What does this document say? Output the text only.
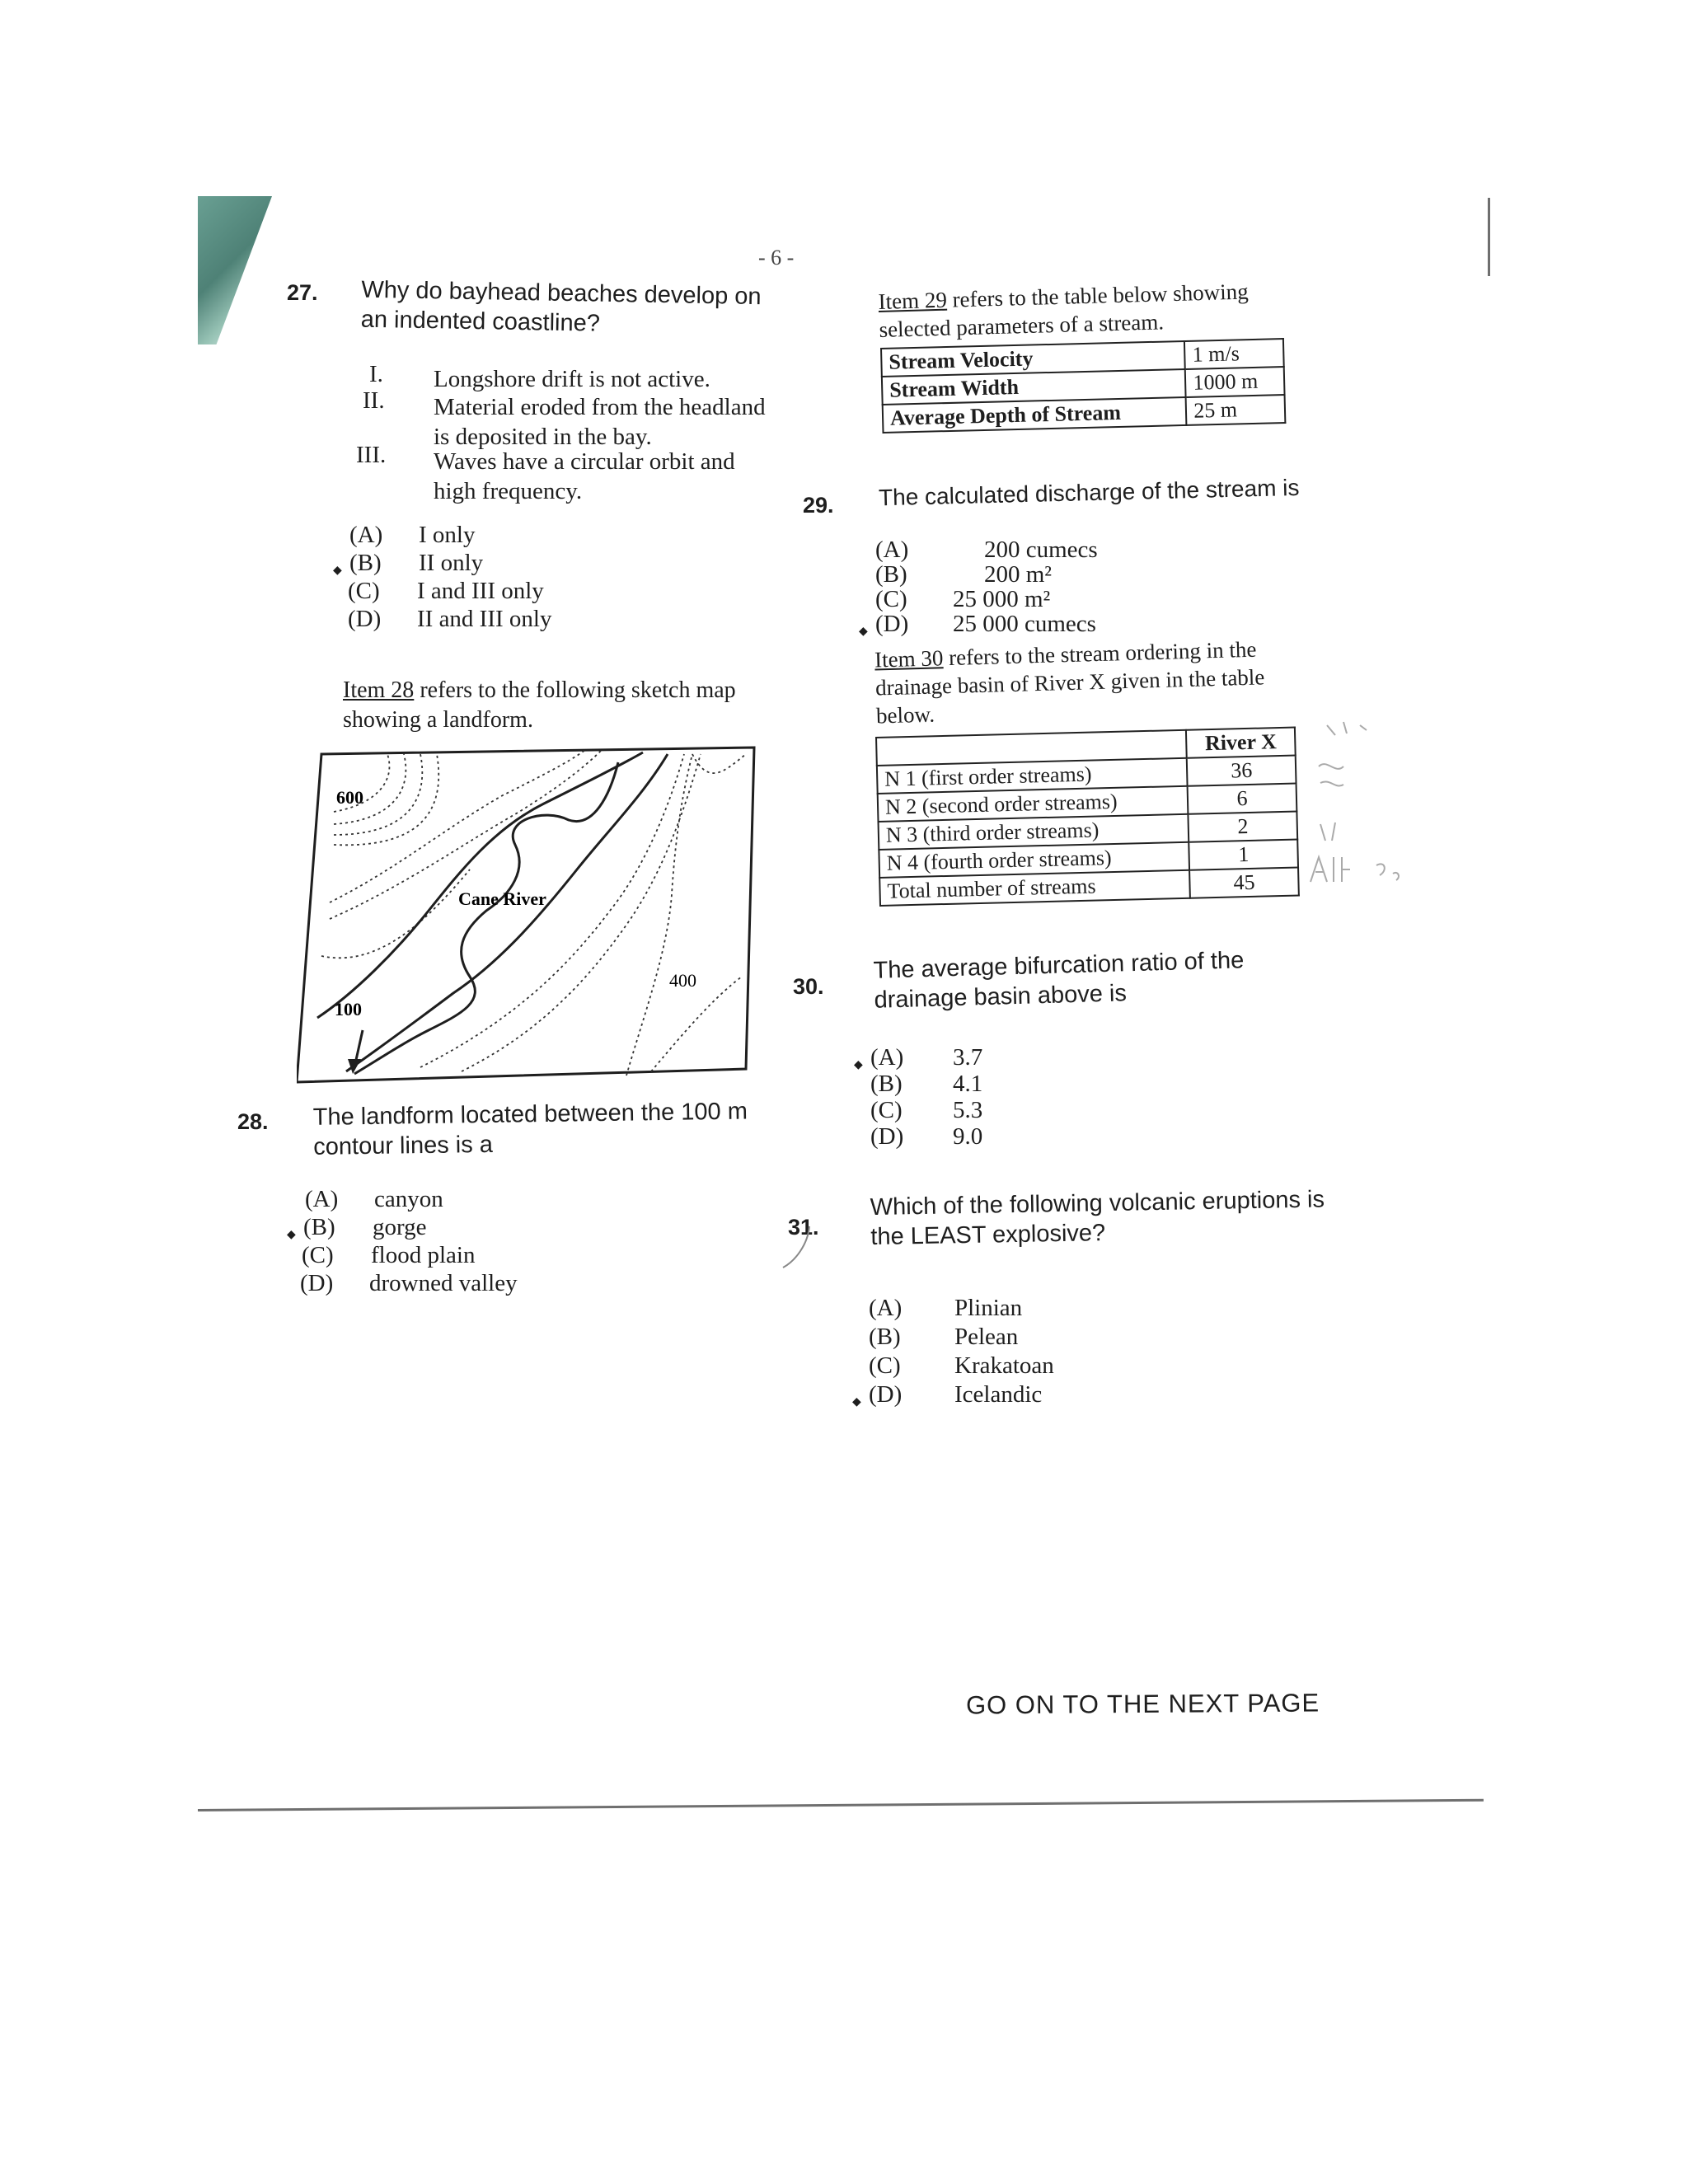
- 6 -
27. Why do bayhead beaches develop on an indented coastline?
I. Longshore drift is not active.
II. Material eroded from the headland is deposited in the bay.
III. Waves have a circular orbit and high frequency.
(A) I only
◆ (B) II only
(C) I and III only
(D) II and III only
Item 28 refers to the following sketch map showing a landform.
600
Cane River
400
100
28. The landform located between the 100 m contour lines is a
(A) canyon
◆ (B) gorge
(C) flood plain
(D) drowned valley
Item 29 refers to the table below showing selected parameters of a stream.
Stream Velocity	1 m/s
Stream Width	1000 m
Average Depth of Stream	25 m
29. The calculated discharge of the stream is
(A)	200 cumecs
(B)	200 m²
(C) 25 000 m²
◆ (D) 25 000 cumecs
Item 30 refers to the stream ordering in the drainage basin of River X given in the table below.
	River X
N 1 (first order streams)	36
N 2 (second order streams)	6
N 3 (third order streams)	2
N 4 (fourth order streams)	1
Total number of streams	45
30.
The average bifurcation ratio of the drainage basin above is
◆ (A) 3.7
(B) 4.1
(C) 5.3
(D) 9.0
31.
Which of the following volcanic eruptions is the LEAST explosive?
(A) Plinian
(B) Pelean
(C) Krakatoan
◆ (D) Icelandic
GO ON TO THE NEXT PAGE
